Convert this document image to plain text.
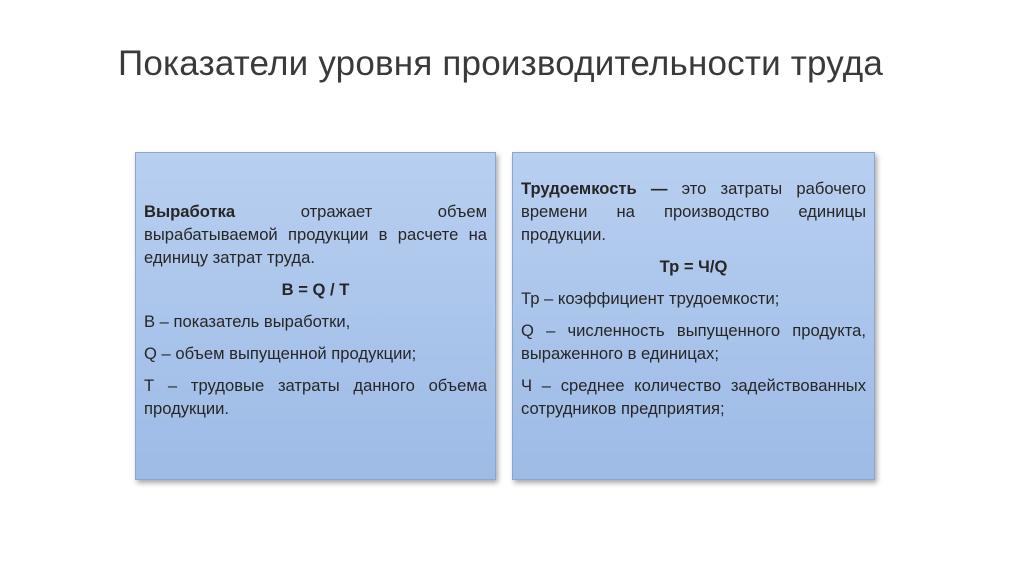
Показатели уровня производительности труда

Выработка отражает объем вырабатываемой продукции в расчете на единицу затрат труда.

В = Q / Т

В – показатель выработки,

Q – объем выпущенной продукции;

Т – трудовые затраты данного объема продукции.

Трудоемкость — это затраты рабочего времени на производство единицы продукции.

Тр = Ч/Q

Тр – коэффициент трудоемкости;

Q – численность выпущенного продукта, выраженного в единицах;

Ч – среднее количество задействованных сотрудников предприятия;
